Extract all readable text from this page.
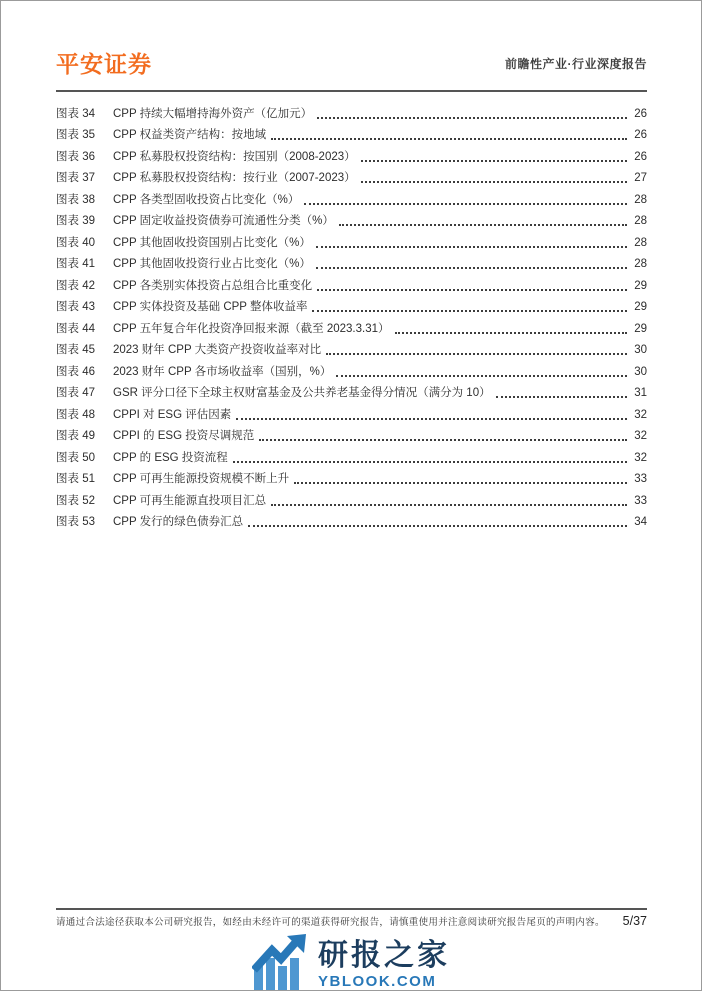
平安证券	前瞻性产业·行业深度报告
图表 34	CPP 持续大幅增持海外资产（亿加元）	26
图表 35	CPP 权益类资产结构：按地域	26
图表 36	CPP 私募股权投资结构：按国别（2008-2023）	26
图表 37	CPP 私募股权投资结构：按行业（2007-2023）	27
图表 38	CPP 各类型固收投资占比变化（%）	28
图表 39	CPP 固定收益投资债券可流通性分类（%）	28
图表 40	CPP 其他固收投资国别占比变化（%）	28
图表 41	CPP 其他固收投资行业占比变化（%）	28
图表 42	CPP 各类别实体投资占总组合比重变化	29
图表 43	CPP 实体投资及基础 CPP 整体收益率	29
图表 44	CPP 五年复合年化投资净回报来源（截至 2023.3.31）	29
图表 45	2023 财年 CPP 大类资产投资收益率对比	30
图表 46	2023 财年 CPP 各市场收益率（国别，%）	30
图表 47	GSR 评分口径下全球主权财富基金及公共养老基金得分情况（满分为 10）	31
图表 48	CPPI 对 ESG 评估因素	32
图表 49	CPPI 的 ESG 投资尽调规范	32
图表 50	CPP 的 ESG 投资流程	32
图表 51	CPP 可再生能源投资规模不断上升	33
图表 52	CPP 可再生能源直投项目汇总	33
图表 53	CPP 发行的绿色债券汇总	34
请通过合法途径获取本公司研究报告，如经由未经许可的渠道获得研究报告，请慎重使用并注意阅读研究报告尾页的声明内容。 5/37
研报之家
YBLOOK.COM
